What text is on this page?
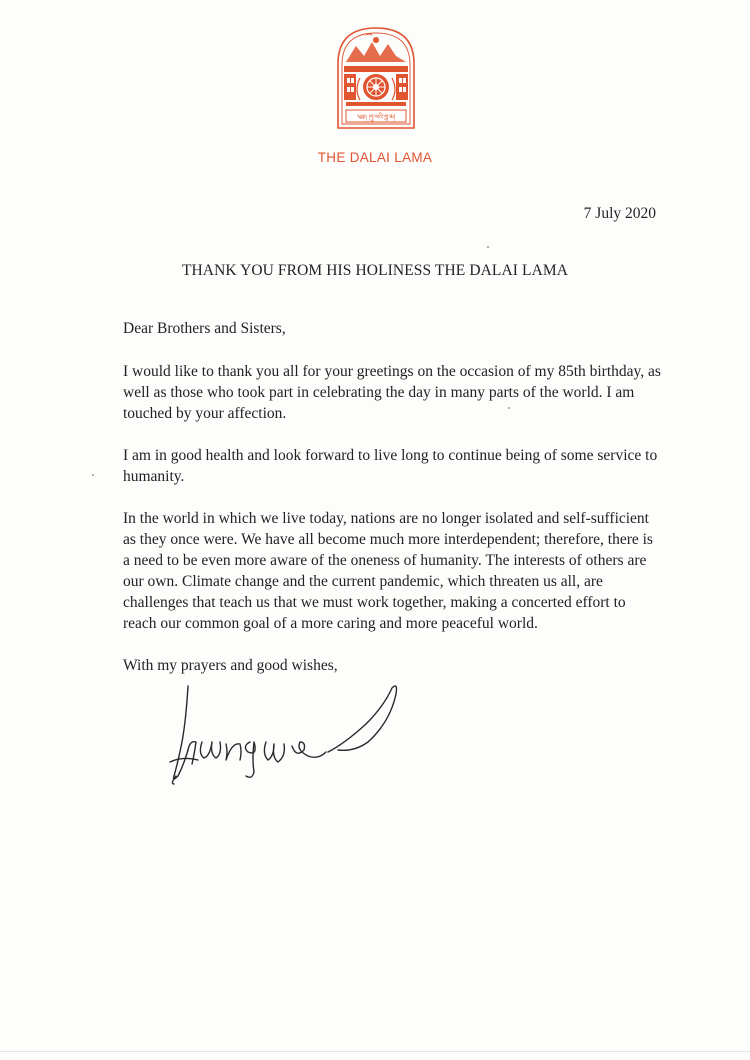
༄༅། །ཏཱ་ལའི་བླ་མ།
THE DALAI LAMA
7 July 2020
THANK YOU FROM HIS HOLINESS THE DALAI LAMA

Dear Brothers and Sisters,

I would like to thank you all for your greetings on the occasion of my 85th birthday, as well as those who took part in celebrating the day in many parts of the world. I am touched by your affection.

I am in good health and look forward to live long to continue being of some service to humanity.

In the world in which we live today, nations are no longer isolated and self-sufficient as they once were. We have all become much more interdependent; therefore, there is a need to be even more aware of the oneness of humanity. The interests of others are our own. Climate change and the current pandemic, which threaten us all, are challenges that teach us that we must work together, making a concerted effort to reach our common goal of a more caring and more peaceful world.

With my prayers and good wishes,
